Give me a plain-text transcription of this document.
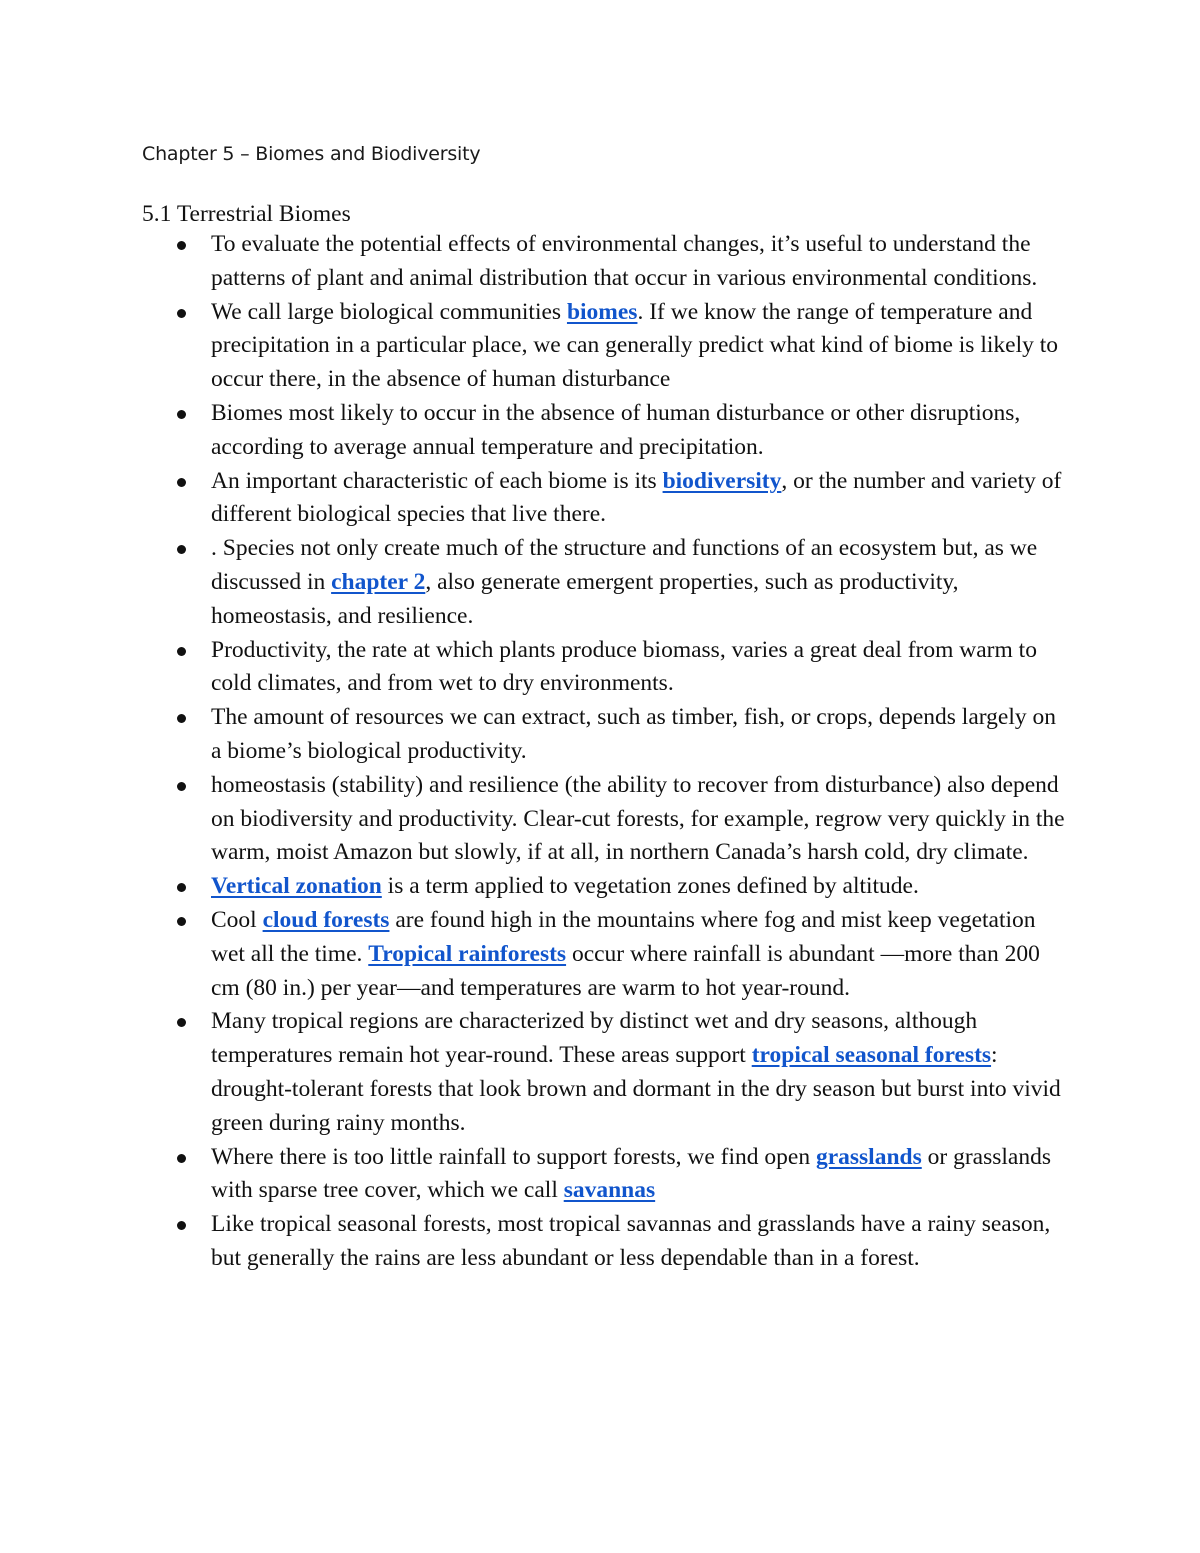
Chapter 5 – Biomes and Biodiversity
5.1 Terrestrial Biomes
To evaluate the potential effects of environmental changes, it’s useful to understand the patterns of plant and animal distribution that occur in various environmental conditions.
We call large biological communities biomes. If we know the range of temperature and precipitation in a particular place, we can generally predict what kind of biome is likely to occur there, in the absence of human disturbance
Biomes most likely to occur in the absence of human disturbance or other disruptions, according to average annual temperature and precipitation.
An important characteristic of each biome is its biodiversity, or the number and variety of different biological species that live there.
. Species not only create much of the structure and functions of an ecosystem but, as we discussed in chapter 2, also generate emergent properties, such as productivity, homeostasis, and resilience.
Productivity, the rate at which plants produce biomass, varies a great deal from warm to cold climates, and from wet to dry environments.
The amount of resources we can extract, such as timber, fish, or crops, depends largely on a biome’s biological productivity.
homeostasis (stability) and resilience (the ability to recover from disturbance) also depend on biodiversity and productivity. Clear-cut forests, for example, regrow very quickly in the warm, moist Amazon but slowly, if at all, in northern Canada’s harsh cold, dry climate.
Vertical zonation is a term applied to vegetation zones defined by altitude.
Cool cloud forests are found high in the mountains where fog and mist keep vegetation wet all the time. Tropical rainforests occur where rainfall is abundant —more than 200 cm (80 in.) per year—and temperatures are warm to hot year-round.
Many tropical regions are characterized by distinct wet and dry seasons, although temperatures remain hot year-round. These areas support tropical seasonal forests: drought-tolerant forests that look brown and dormant in the dry season but burst into vivid green during rainy months.
Where there is too little rainfall to support forests, we find open grasslands or grasslands with sparse tree cover, which we call savannas
Like tropical seasonal forests, most tropical savannas and grasslands have a rainy season, but generally the rains are less abundant or less dependable than in a forest.
